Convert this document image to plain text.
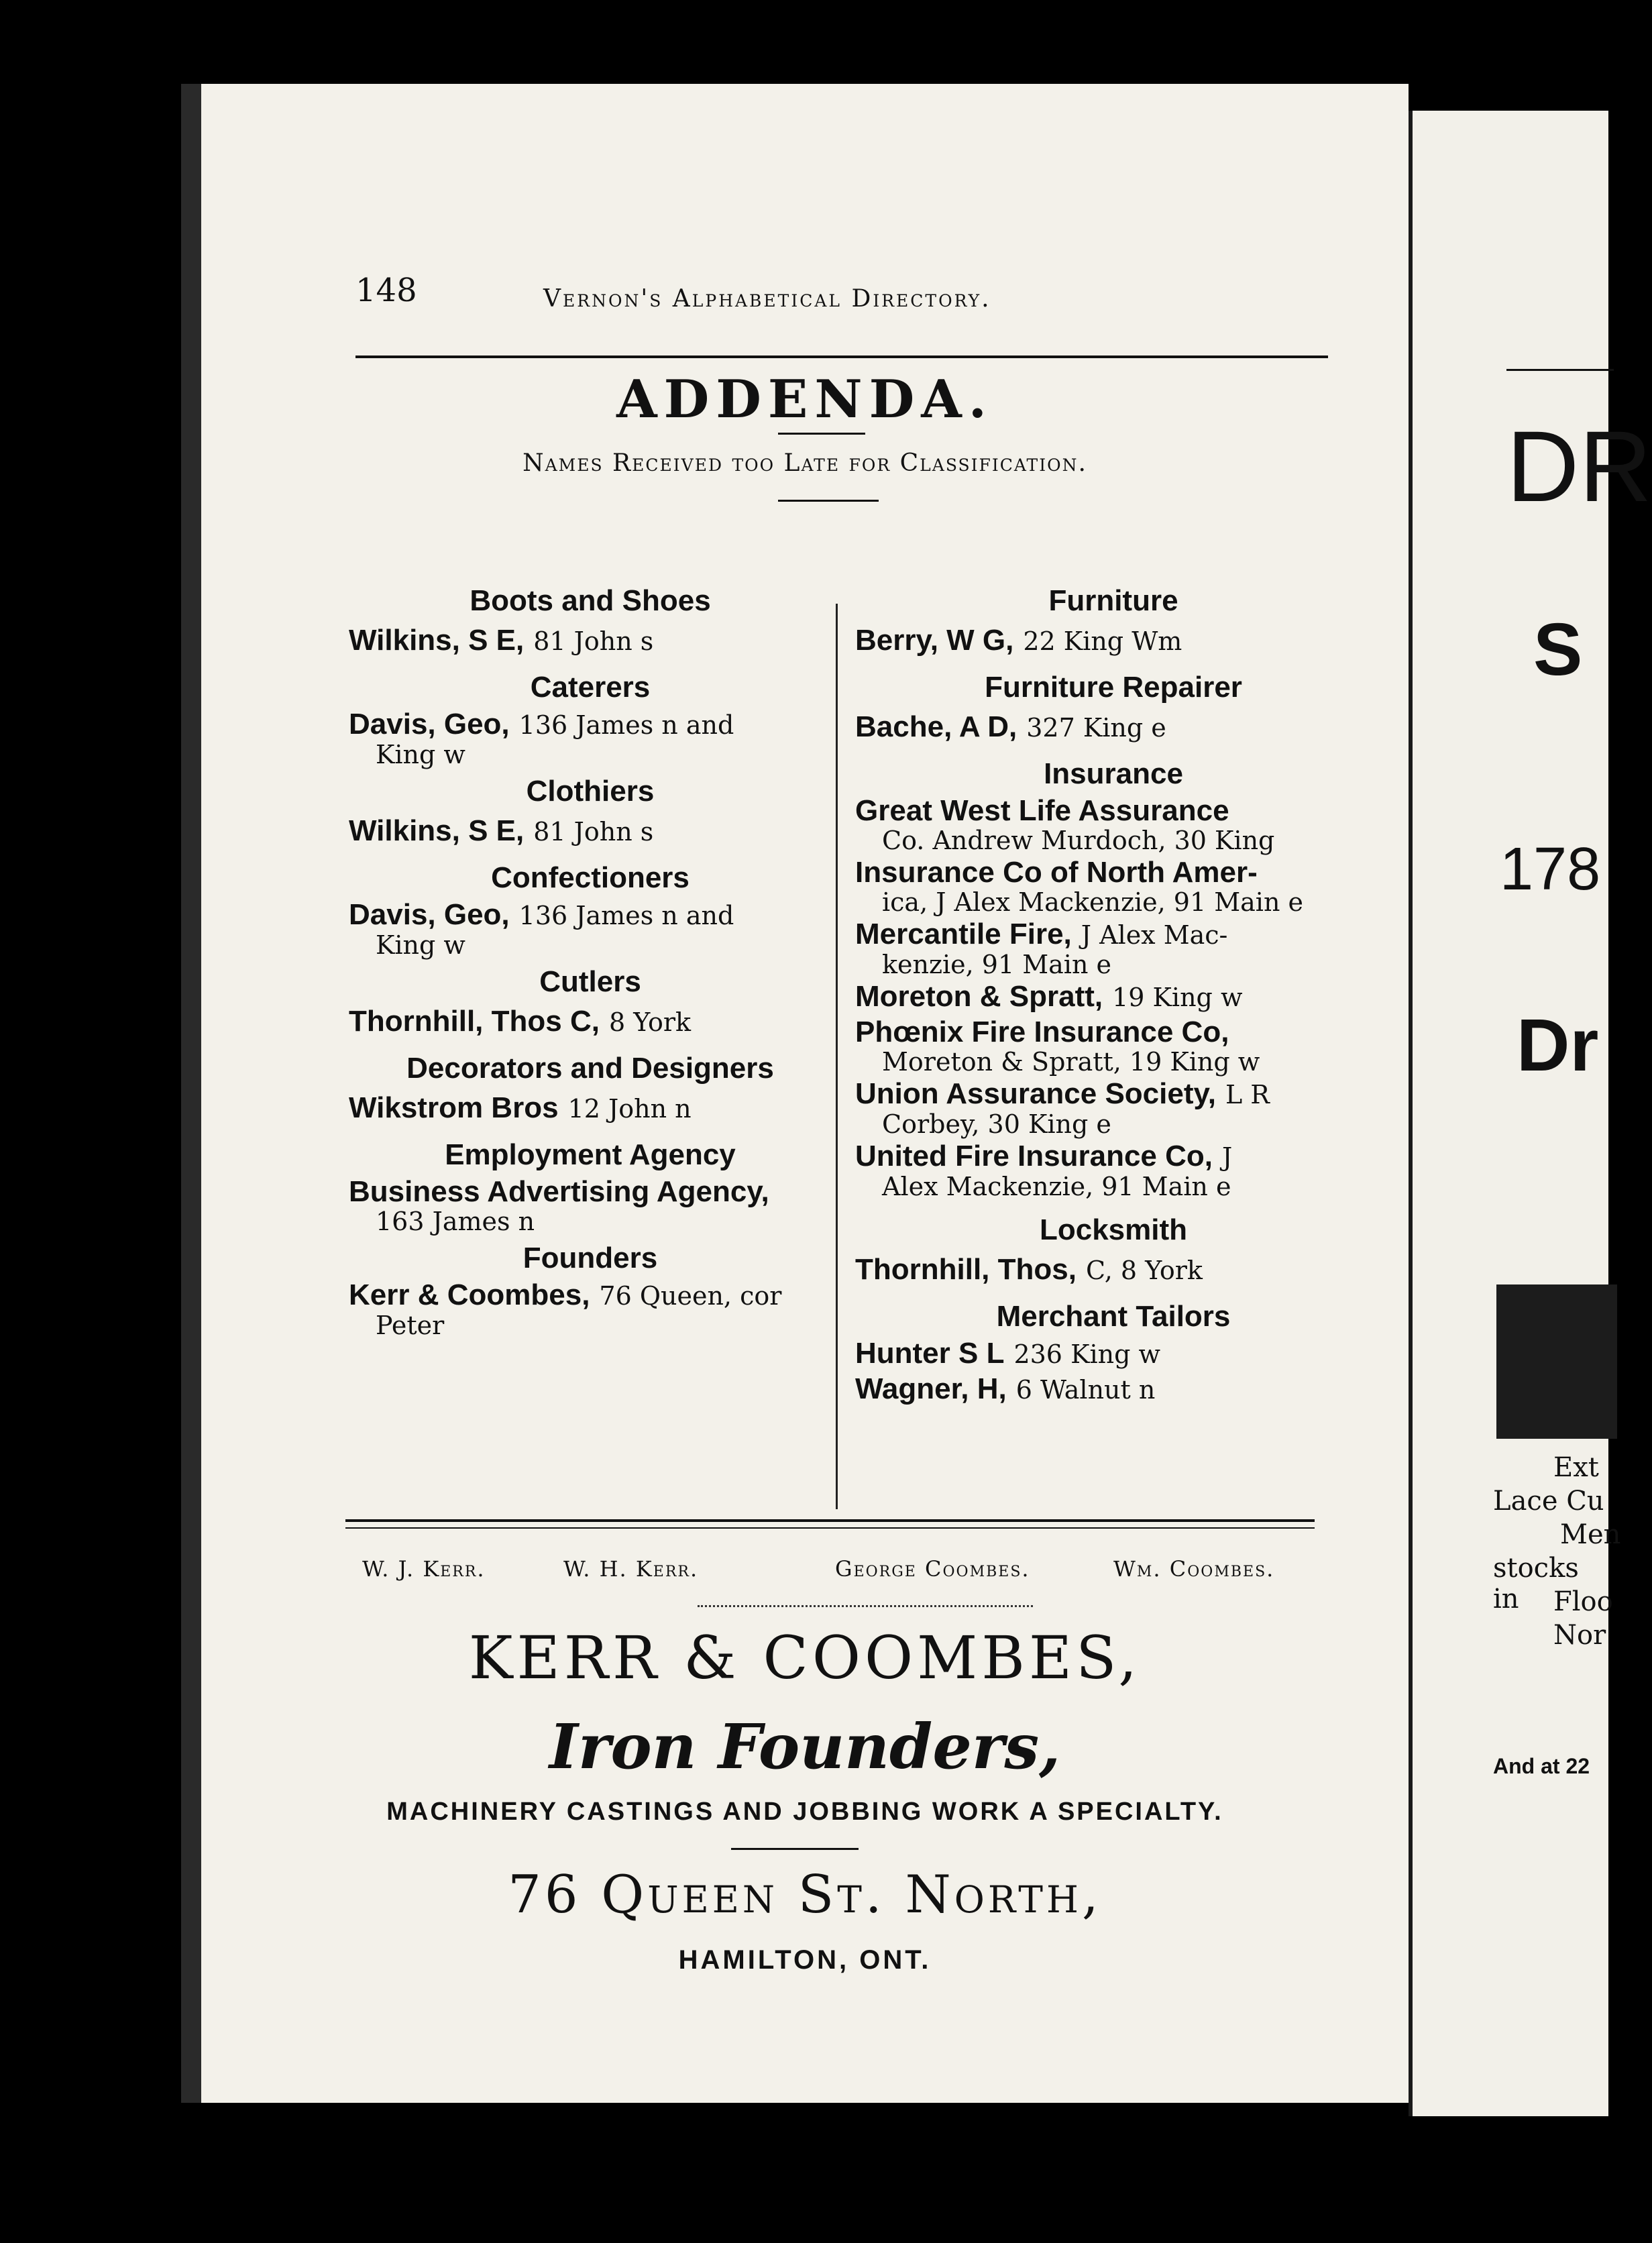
148	Vernon's Alphabetical Directory.
ADDENDA.
Names Received too Late for Classification.
Boots and Shoes
Wilkins, S E, 81 John s
Caterers
Davis, Geo, 136 James n and
King w
Clothiers
Wilkins, S E, 81 John s
Confectioners
Davis, Geo, 136 James n and
King w
Cutlers
Thornhill, Thos C, 8 York
Decorators and Designers
Wikstrom Bros 12 John n
Employment Agency
Business Advertising Agency,
163 James n
Founders
Kerr & Coombes, 76 Queen, cor
Peter
Furniture
Berry, W G, 22 King Wm
Furniture Repairer
Bache, A D, 327 King e
Insurance
Great West Life Assurance
Co. Andrew Murdoch, 30 King
Insurance Co of North Amer-
ica, J Alex Mackenzie, 91 Main e
Mercantile Fire, J Alex Mac-
kenzie, 91 Main e
Moreton & Spratt, 19 King w
Phœnix Fire Insurance Co,
Moreton & Spratt, 19 King w
Union Assurance Society, L R
Corbey, 30 King e
United Fire Insurance Co, J
Alex Mackenzie, 91 Main e
Locksmith
Thornhill, Thos, C, 8 York
Merchant Tailors
Hunter S L 236 King w
Wagner, H, 6 Walnut n
W. J. Kerr.	W. H. Kerr.	George Coombes.	Wm. Coombes.
KERR & COOMBES,
Iron Founders,
MACHINERY CASTINGS AND JOBBING WORK A SPECIALTY.
76 Queen St. North,
HAMILTON, ONT.
DR
S
178
Dr
Ext
Lace Cu
Men
stocks in	Floo
Nor
And at 22
